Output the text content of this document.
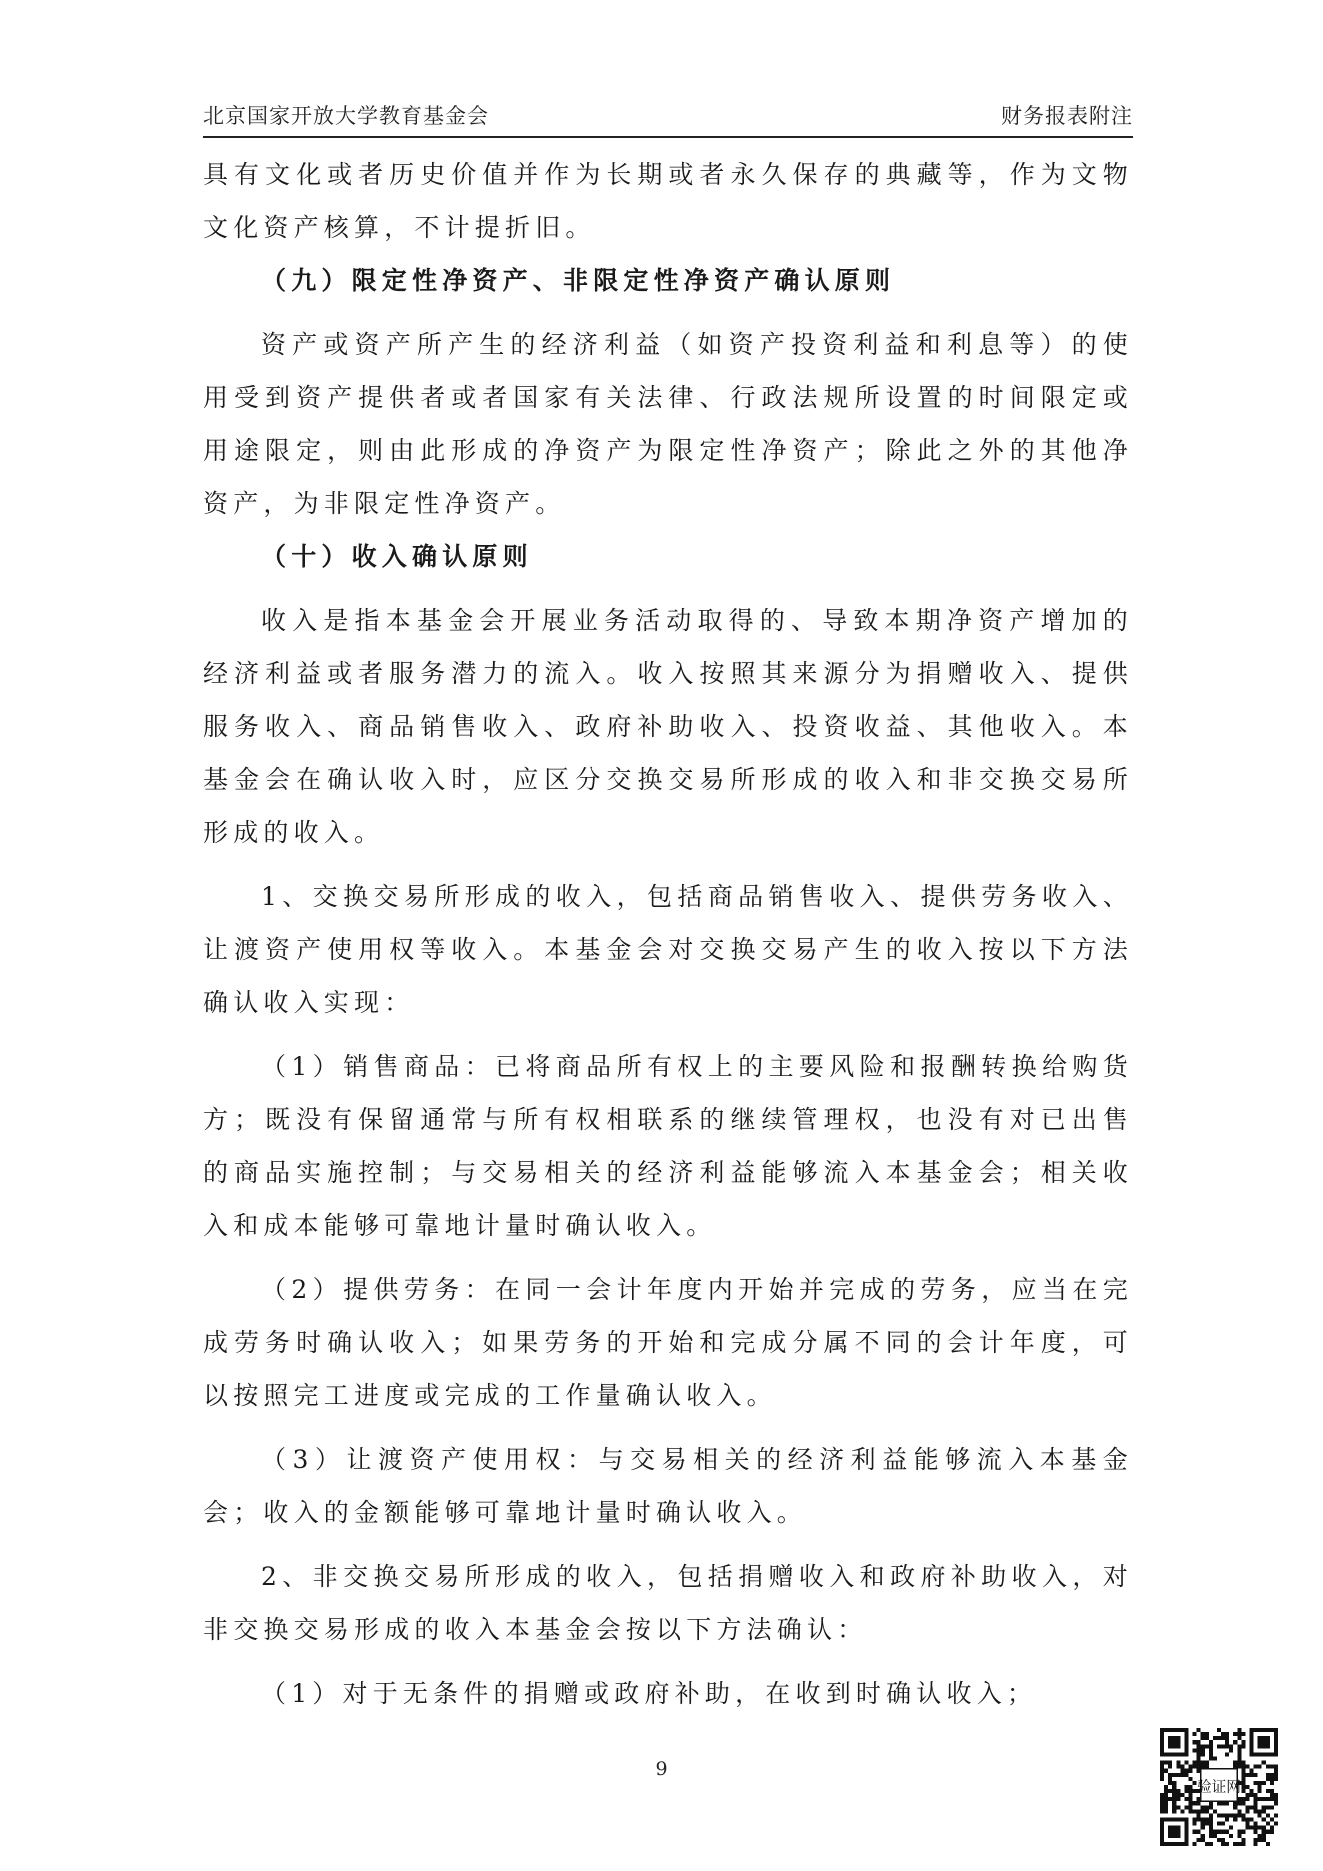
北京国家开放大学教育基金会	财务报表附注

具有文化或者历史价值并作为长期或者永久保存的典藏等，作为文物文化资产核算，不计提折旧。

（九）限定性净资产、非限定性净资产确认原则

资产或资产所产生的经济利益（如资产投资利益和利息等）的使用受到资产提供者或者国家有关法律、行政法规所设置的时间限定或用途限定，则由此形成的净资产为限定性净资产；除此之外的其他净资产，为非限定性净资产。

（十）收入确认原则

收入是指本基金会开展业务活动取得的、导致本期净资产增加的经济利益或者服务潜力的流入。收入按照其来源分为捐赠收入、提供服务收入、商品销售收入、政府补助收入、投资收益、其他收入。本基金会在确认收入时，应区分交换交易所形成的收入和非交换交易所形成的收入。

1、交换交易所形成的收入，包括商品销售收入、提供劳务收入、让渡资产使用权等收入。本基金会对交换交易产生的收入按以下方法确认收入实现：

（1）销售商品：已将商品所有权上的主要风险和报酬转换给购货方；既没有保留通常与所有权相联系的继续管理权，也没有对已出售的商品实施控制；与交易相关的经济利益能够流入本基金会；相关收入和成本能够可靠地计量时确认收入。

（2）提供劳务：在同一会计年度内开始并完成的劳务，应当在完成劳务时确认收入；如果劳务的开始和完成分属不同的会计年度，可以按照完工进度或完成的工作量确认收入。

（3）让渡资产使用权：与交易相关的经济利益能够流入本基金会；收入的金额能够可靠地计量时确认收入。

2、非交换交易所形成的收入，包括捐赠收入和政府补助收入，对非交换交易形成的收入本基金会按以下方法确认：

（1）对于无条件的捐赠或政府补助，在收到时确认收入；

9
验证网
